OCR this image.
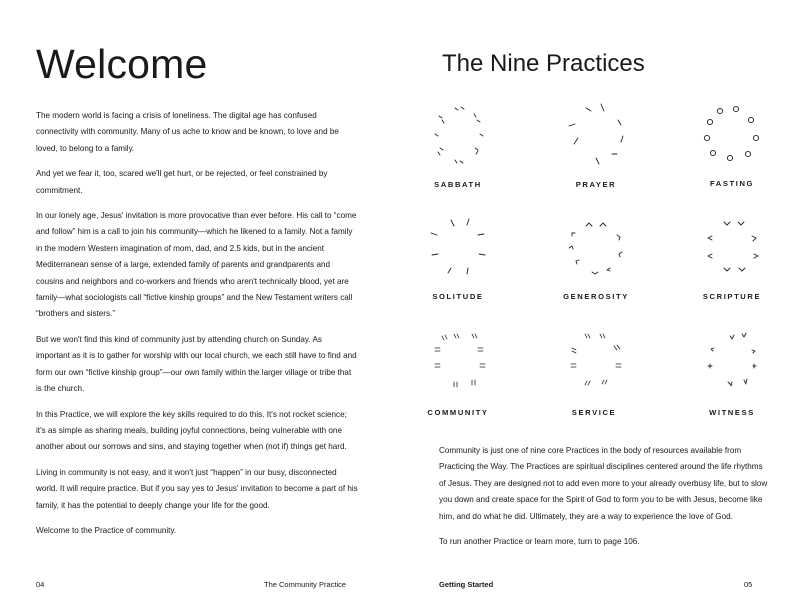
Welcome

The modern world is facing a crisis of loneliness. The digital age has confused connectivity with community. Many of us ache to know and be known, to love and be loved, to belong to a family.

And yet we fear it, too, scared we'll get hurt, or be rejected, or feel constrained by commitment.

In our lonely age, Jesus' invitation is more provocative than ever before. His call to “come and follow” him is a call to join his community—which he likened to a family. Not a family in the modern Western imagination of mom, dad, and 2.5 kids, but in the ancient Mediterranean sense of a large, extended family of parents and grandparents and cousins and neighbors and co-workers and friends who aren't technically blood, yet are family—what sociologists call “fictive kinship groups” and the New Testament writers call “brothers and sisters.”

But we won't find this kind of community just by attending church on Sunday. As important as it is to gather for worship with our local church, we each still have to find and form our own “fictive kinship group”—our own family within the larger village or tribe that is the church.

In this Practice, we will explore the key skills required to do this. It's not rocket science; it's as simple as sharing meals, building joyful connections, being vulnerable with one another about our sorrows and sins, and staying together when (not if) things get hard.

Living in community is not easy, and it won't just “happen” in our busy, disconnected world. It will require practice. But if you say yes to Jesus' invitation to become a part of his family, it has the potential to deeply change your life for the good.

Welcome to the Practice of community.

04	The Community Practice
The Nine Practices
SABBATH	PRAYER	FASTING
SOLITUDE	GENEROSITY	SCRIPTURE
COMMUNITY	SERVICE	WITNESS

Community is just one of nine core Practices in the body of resources available from Practicing the Way. The Practices are spiritual disciplines centered around the life rhythms of Jesus. They are designed not to add even more to your already overbusy life, but to slow you down and create space for the Spirit of God to form you to be with Jesus, become like him, and do what he did. Ultimately, they are a way to experience the love of God.

To run another Practice or learn more, turn to page 106.

Getting Started	05
